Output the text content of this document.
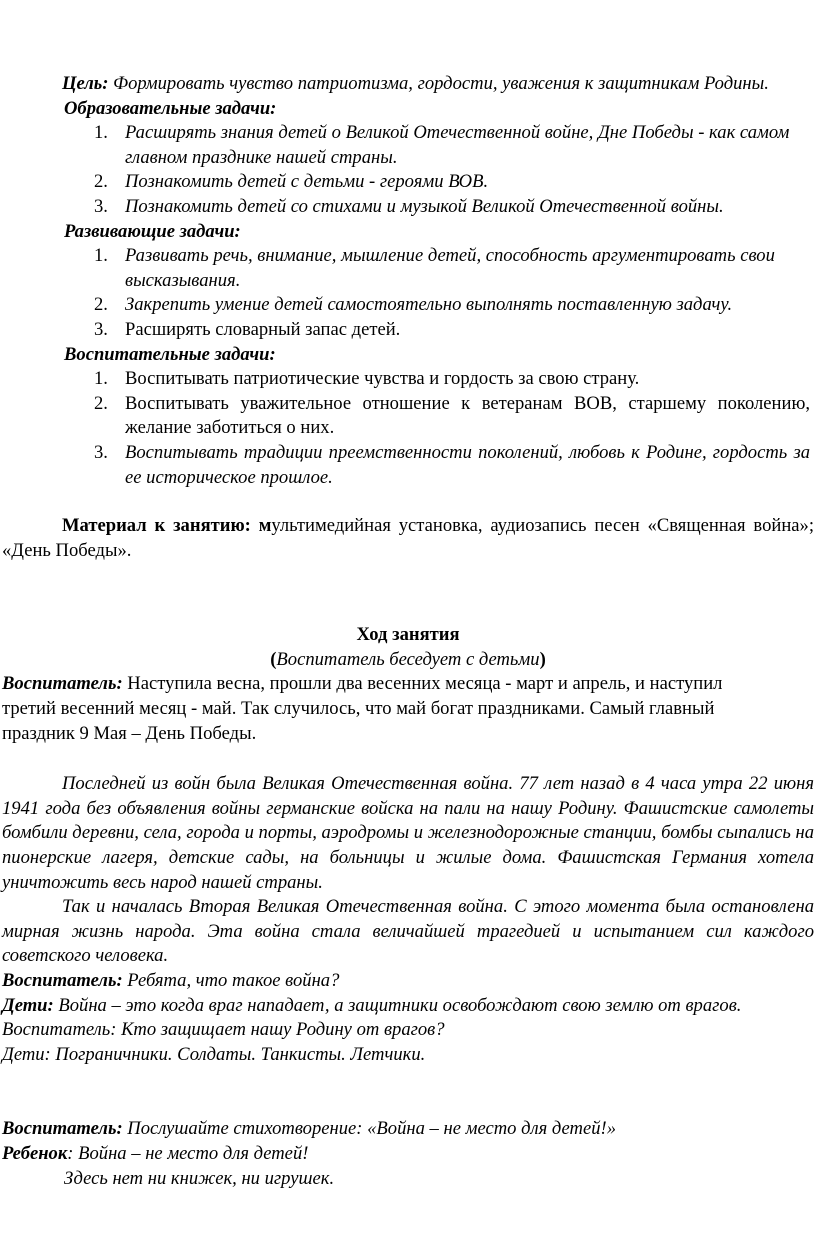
Цель: Формировать чувство патриотизма, гордости, уважения к защитникам Родины.

Образовательные задачи:

1. Расширять знания детей о Великой Отечественной войне, Дне Победы - как самом главном празднике нашей страны.
2. Познакомить детей с детьми - героями ВОВ.
3. Познакомить детей со стихами и музыкой Великой Отечественной войны.

Развивающие задачи:

1. Развивать речь, внимание, мышление детей, способность аргументировать свои высказывания.
2. Закрепить умение детей самостоятельно выполнять поставленную задачу.
3. Расширять словарный запас детей.

Воспитательные задачи:

1. Воспитывать патриотические чувства и гордость за свою страну.
2. Воспитывать уважительное отношение к ветеранам ВОВ, старшему поколению, желание заботиться о них.
3. Воспитывать традиции преемственности поколений, любовь к Родине, гордость за ее историческое прошлое.

Материал к занятию: мультимедийная установка, аудиозапись песен «Священная война»; «День Победы».

Ход занятия

(Воспитатель беседует с детьми)

Воспитатель: Наступила весна, прошли два весенних месяца - март и апрель, и наступил третий весенний месяц - май. Так случилось, что май богат праздниками. Самый главный праздник 9 Мая – День Победы.

Последней из войн была Великая Отечественная война. 77 лет назад в 4 часа утра 22 июня 1941 года без объявления войны германские войска на пали на нашу Родину. Фашистские самолеты бомбили деревни, села, города и порты, аэродромы и железнодорожные станции, бомбы сыпались на пионерские лагеря, детские сады, на больницы и жилые дома. Фашистская Германия хотела уничтожить весь народ нашей страны.

Так и началась Вторая Великая Отечественная война. С этого момента была остановлена мирная жизнь народа. Эта война стала величайшей трагедией и испытанием сил каждого советского человека.

Воспитатель: Ребята, что такое война?

Дети: Война – это когда враг нападает, а защитники освобождают свою землю от врагов.

Воспитатель: Кто защищает нашу Родину от врагов?

Дети: Пограничники. Солдаты. Танкисты. Летчики.

Воспитатель: Послушайте стихотворение: «Война – не место для детей!»

Ребенок: Война – не место для детей!

Здесь нет ни книжек, ни игрушек.
